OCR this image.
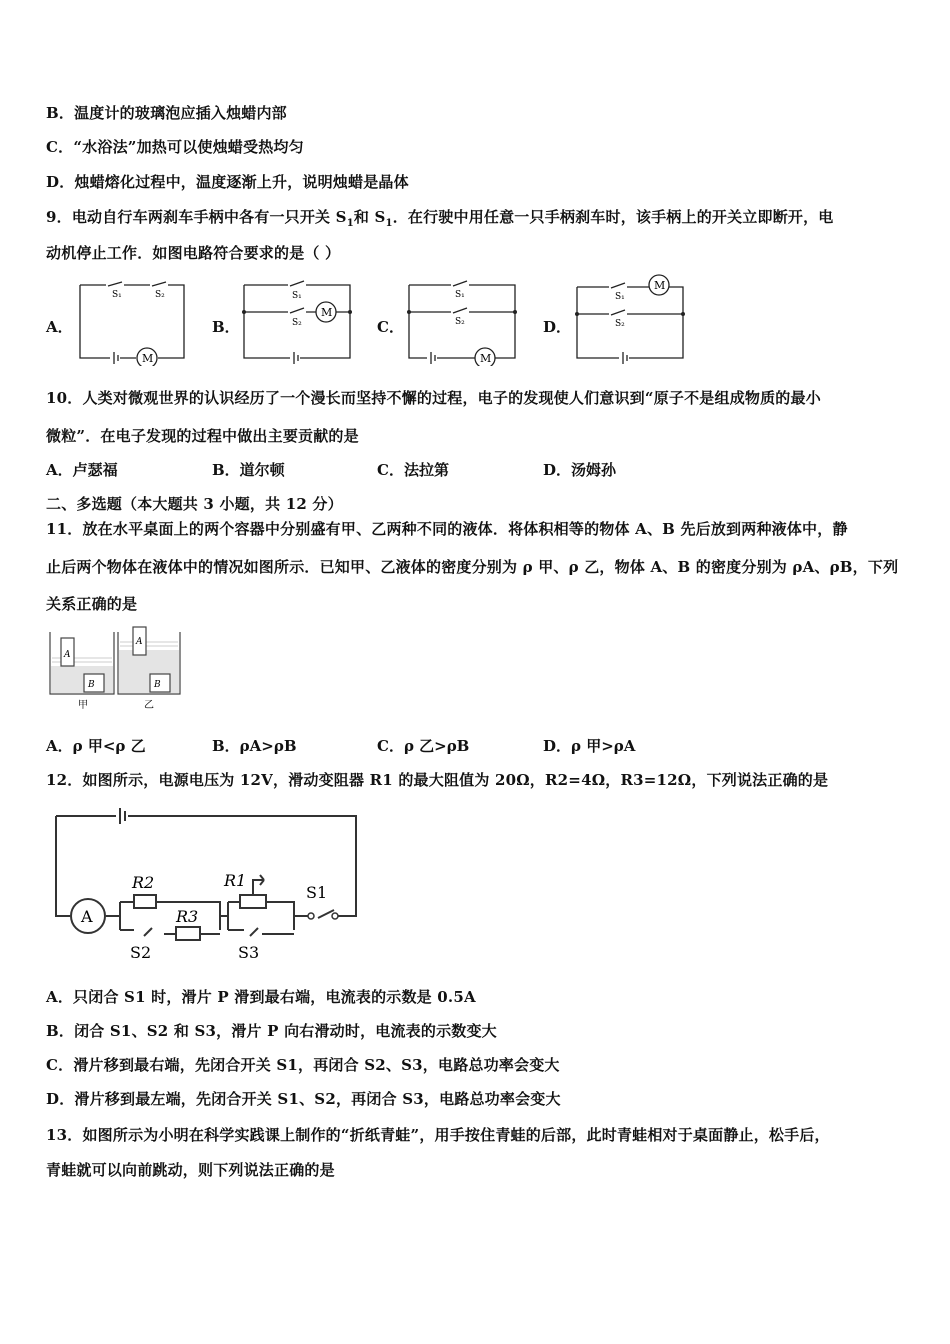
B．温度计的玻璃泡应插入烛蜡内部
C．“水浴法”加热可以使烛蜡受热均匀
D．烛蜡熔化过程中，温度逐渐上升，说明烛蜡是晶体
9．电动自行车两刹车手柄中各有一只开关 $S_1$和 $S_1$．在行驶中用任意一只手柄刹车时，该手柄上的开关立即断开，电
动机停止工作．如图电路符合要求的是（ ）
A．
M
S₁	S₂
B．
M
S₁
S₂	C．
M
S₁
S₂	D．
M
S₁
S₂
10．人类对微观世界的认识经历了一个漫长而坚持不懈的过程，电子的发现使人们意识到“原子不是组成物质的最小
微粒”．在电子发现的过程中做出主要贡献的是
A．卢瑟福	B．道尔顿	C．法拉第	D．汤姆孙
二、多选题（本大题共 3 小题，共 12 分）
11．放在水平桌面上的两个容器中分别盛有甲、乙两种不同的液体．将体积相等的物体 A、B 先后放到两种液体中，静
止后两个物体在液体中的情况如图所示．已知甲、乙液体的密度分别为 ρ 甲、ρ 乙，物体 A、B 的密度分别为 ρA、ρB，下列
关系正确的是
A
B
甲
A
B
乙
A．ρ 甲<ρ 乙	B．ρA>ρB	C．ρ 乙>ρB	D．ρ 甲>ρA
12．如图所示，电源电压为 12V，滑动变阻器 R1 的最大阻值为 20Ω，R2=4Ω，R3=12Ω，下列说法正确的是
A
R2
R3
R1
S1
S2	S3
A．只闭合 S1 时，滑片 P 滑到最右端，电流表的示数是 0.5A
B．闭合 S1、S2 和 S3，滑片 P 向右滑动时，电流表的示数变大
C．滑片移到最右端，先闭合开关 S1，再闭合 S2、S3，电路总功率会变大
D．滑片移到最左端，先闭合开关 S1、S2，再闭合 S3，电路总功率会变大
13．如图所示为小明在科学实践课上制作的“折纸青蛙”，用手按住青蛙的后部，此时青蛙相对于桌面静止，松手后，
青蛙就可以向前跳动，则下列说法正确的是
